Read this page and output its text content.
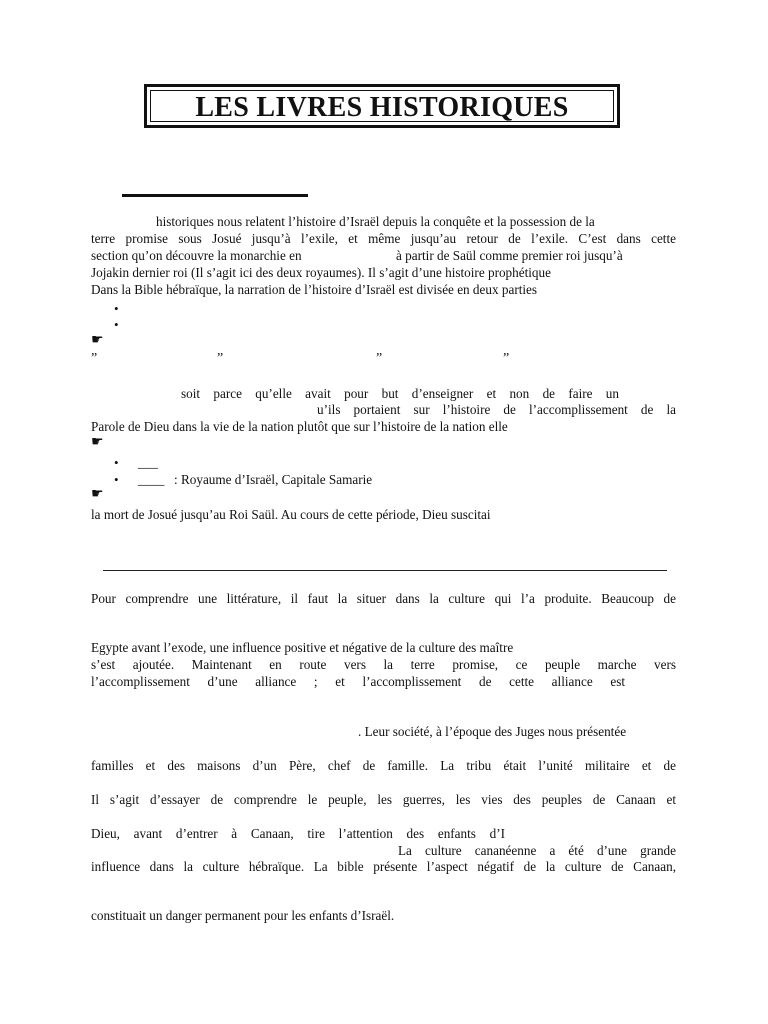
LES LIVRES HISTORIQUES
historiques nous relatent l’histoire d’Israël depuis la conquête et la possession de la
terre promise sous Josué jusqu’à l’exile, et même jusqu’au retour de l’exile. C’est dans cette
section qu’on découvre la monarchie en	à partir de Saül comme premier roi jusqu’à
Jojakin dernier roi (Il s’agit ici des deux royaumes). Il s’agit d’une histoire prophétique
Dans la Bible hébraïque, la narration de l’histoire d’Israël est divisée en deux parties
•
•
☛
”	”	”	”
soit parce qu’elle avait pour but d’enseigner et non de faire un
u’ils portaient sur l’histoire de l’accomplissement de la
Parole de Dieu dans la vie de la nation plutôt que sur l’histoire de la nation elle
☛
• ___
• ____ : Royaume d’Israël, Capitale Samarie
☛
la mort de Josué jusqu’au Roi Saül. Au cours de cette période, Dieu suscitai
Pour comprendre une littérature, il faut la situer dans la culture qui l’a produite. Beaucoup de
Egypte avant l’exode, une influence positive et négative de la culture des maître
s’est ajoutée. Maintenant en route vers la terre promise, ce peuple marche vers
l’accomplissement d’une alliance ; et l’accomplissement de cette alliance est
. Leur société, à l’époque des Juges nous présentée
familles et des maisons d’un Père, chef de famille. La tribu était l’unité militaire et de
Il s’agit d’essayer de comprendre le peuple, les guerres, les vies des peuples de Canaan et
Dieu, avant d’entrer à Canaan, tire l’attention des enfants d’I
La culture cananéenne a été d’une grande
influence dans la culture hébraïque. La bible présente l’aspect négatif de la culture de Canaan,
constituait un danger permanent pour les enfants d’Israël.
